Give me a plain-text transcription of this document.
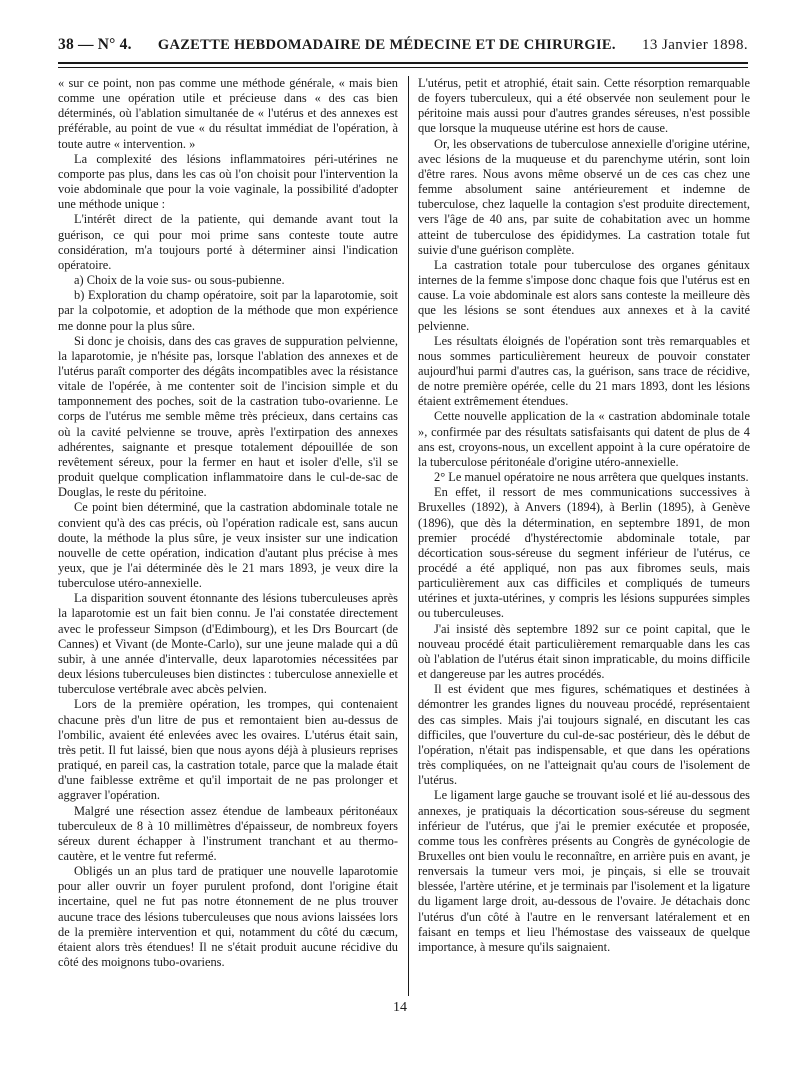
38 — N° 4. GAZETTE HEBDOMADAIRE DE MÉDECINE ET DE CHIRURGIE. 13 Janvier 1898.

« sur ce point, non pas comme une méthode générale, « mais bien comme une opération utile et précieuse dans « des cas bien déterminés, où l'ablation simultanée de « l'utérus et des annexes est préférable, au point de vue « du résultat immédiat de l'opération, à toute autre « intervention. »

La complexité des lésions inflammatoires péri-utérines ne comporte pas plus, dans les cas où l'on choisit pour l'intervention la voie abdominale que pour la voie vaginale, la possibilité d'adopter une méthode unique :

L'intérêt direct de la patiente, qui demande avant tout la guérison, ce qui pour moi prime sans conteste toute autre considération, m'a toujours porté à déterminer ainsi l'indication opératoire.

a) Choix de la voie sus- ou sous-pubienne.

b) Exploration du champ opératoire, soit par la laparotomie, soit par la colpotomie, et adoption de la méthode que mon expérience me donne pour la plus sûre.

Si donc je choisis, dans des cas graves de suppuration pelvienne, la laparotomie, je n'hésite pas, lorsque l'ablation des annexes et de l'utérus paraît comporter des dégâts incompatibles avec la résistance vitale de l'opérée, à me contenter soit de l'incision simple et du tamponnement des poches, soit de la castration tubo-ovarienne. Le corps de l'utérus me semble même très précieux, dans certains cas où la cavité pelvienne se trouve, après l'extirpation des annexes adhérentes, saignante et presque totalement dépouillée de son revêtement séreux, pour la fermer en haut et isoler d'elle, s'il se produit quelque complication inflammatoire dans le cul-de-sac de Douglas, le reste du péritoine.

Ce point bien déterminé, que la castration abdominale totale ne convient qu'à des cas précis, où l'opération radicale est, sans aucun doute, la méthode la plus sûre, je veux insister sur une indication nouvelle de cette opération, indication d'autant plus précise à mes yeux, que je l'ai déterminée dès le 21 mars 1893, je veux dire la tuberculose utéro-annexielle.

La disparition souvent étonnante des lésions tuberculeuses après la laparotomie est un fait bien connu. Je l'ai constatée directement avec le professeur Simpson (d'Edimbourg), et les Drs Bourcart (de Cannes) et Vivant (de Monte-Carlo), sur une jeune malade qui a dû subir, à une année d'intervalle, deux laparotomies nécessitées par deux lésions tuberculeuses bien distinctes : tuberculose annexielle et tuberculose vertébrale avec abcès pelvien.

Lors de la première opération, les trompes, qui contenaient chacune près d'un litre de pus et remontaient bien au-dessus de l'ombilic, avaient été enlevées avec les ovaires. L'utérus était sain, très petit. Il fut laissé, bien que nous ayons déjà à plusieurs reprises pratiqué, en pareil cas, la castration totale, parce que la malade était d'une faiblesse extrême et qu'il importait de ne pas prolonger et aggraver l'opération.

Malgré une résection assez étendue de lambeaux péritonéaux tuberculeux de 8 à 10 millimètres d'épaisseur, de nombreux foyers séreux durent échapper à l'instrument tranchant et au thermo-cautère, et le ventre fut refermé.

Obligés un an plus tard de pratiquer une nouvelle laparotomie pour aller ouvrir un foyer purulent profond, dont l'origine était incertaine, quel ne fut pas notre étonnement de ne plus trouver aucune trace des lésions tuberculeuses que nous avions laissées lors de la première intervention et qui, notamment du côté du cæcum, étaient alors très étendues! Il ne s'était produit aucune récidive du côté des moignons tubo-ovariens.

L'utérus, petit et atrophié, était sain. Cette résorption remarquable de foyers tuberculeux, qui a été observée non seulement pour le péritoine mais aussi pour d'autres grandes séreuses, n'est possible que lorsque la muqueuse utérine est hors de cause.

Or, les observations de tuberculose annexielle d'origine utérine, avec lésions de la muqueuse et du parenchyme utérin, sont loin d'être rares. Nous avons même observé un de ces cas chez une femme absolument saine antérieurement et indemne de tuberculose, chez laquelle la contagion s'est produite directement, vers l'âge de 40 ans, par suite de cohabitation avec un homme atteint de tuberculose des épididymes. La castration totale fut suivie d'une guérison complète.

La castration totale pour tuberculose des organes génitaux internes de la femme s'impose donc chaque fois que l'utérus est en cause. La voie abdominale est alors sans conteste la meilleure dès que les lésions se sont étendues aux annexes et à la cavité pelvienne.

Les résultats éloignés de l'opération sont très remarquables et nous sommes particulièrement heureux de pouvoir constater aujourd'hui parmi d'autres cas, la guérison, sans trace de récidive, de notre première opérée, celle du 21 mars 1893, dont les lésions étaient extrêmement étendues.

Cette nouvelle application de la « castration abdominale totale », confirmée par des résultats satisfaisants qui datent de plus de 4 ans est, croyons-nous, un excellent appoint à la cure opératoire de la tuberculose péritonéale d'origine utéro-annexielle.

2° Le manuel opératoire ne nous arrêtera que quelques instants.

En effet, il ressort de mes communications successives à Bruxelles (1892), à Anvers (1894), à Berlin (1895), à Genève (1896), que dès la détermination, en septembre 1891, de mon premier procédé d'hystérectomie abdominale totale, par décortication sous-séreuse du segment inférieur de l'utérus, ce procédé a été appliqué, non pas aux fibromes seuls, mais particulièrement aux cas difficiles et compliqués de tumeurs utérines et juxta-utérines, y compris les lésions suppurées simples ou tuberculeuses.

J'ai insisté dès septembre 1892 sur ce point capital, que le nouveau procédé était particulièrement remarquable dans les cas où l'ablation de l'utérus était sinon impraticable, du moins difficile et dangereuse par les autres procédés.

Il est évident que mes figures, schématiques et destinées à démontrer les grandes lignes du nouveau procédé, représentaient des cas simples. Mais j'ai toujours signalé, en discutant les cas difficiles, que l'ouverture du cul-de-sac postérieur, dès le début de l'opération, n'était pas indispensable, et que dans les opérations très compliquées, on ne l'atteignait qu'au cours de l'isolement de l'utérus.

Le ligament large gauche se trouvant isolé et lié au-dessous des annexes, je pratiquais la décortication sous-séreuse du segment inférieur de l'utérus, que j'ai le premier exécutée et proposée, comme tous les confrères présents au Congrès de gynécologie de Bruxelles ont bien voulu le reconnaître, en arrière puis en avant, je renversais la tumeur vers moi, je pinçais, si elle se trouvait blessée, l'artère utérine, et je terminais par l'isolement et la ligature du ligament large droit, au-dessous de l'ovaire. Je détachais donc l'utérus d'un côté à l'autre en le renversant latéralement et en faisant en temps et lieu l'hémostase des vaisseaux de quelque importance, à mesure qu'ils saignaient.

14
